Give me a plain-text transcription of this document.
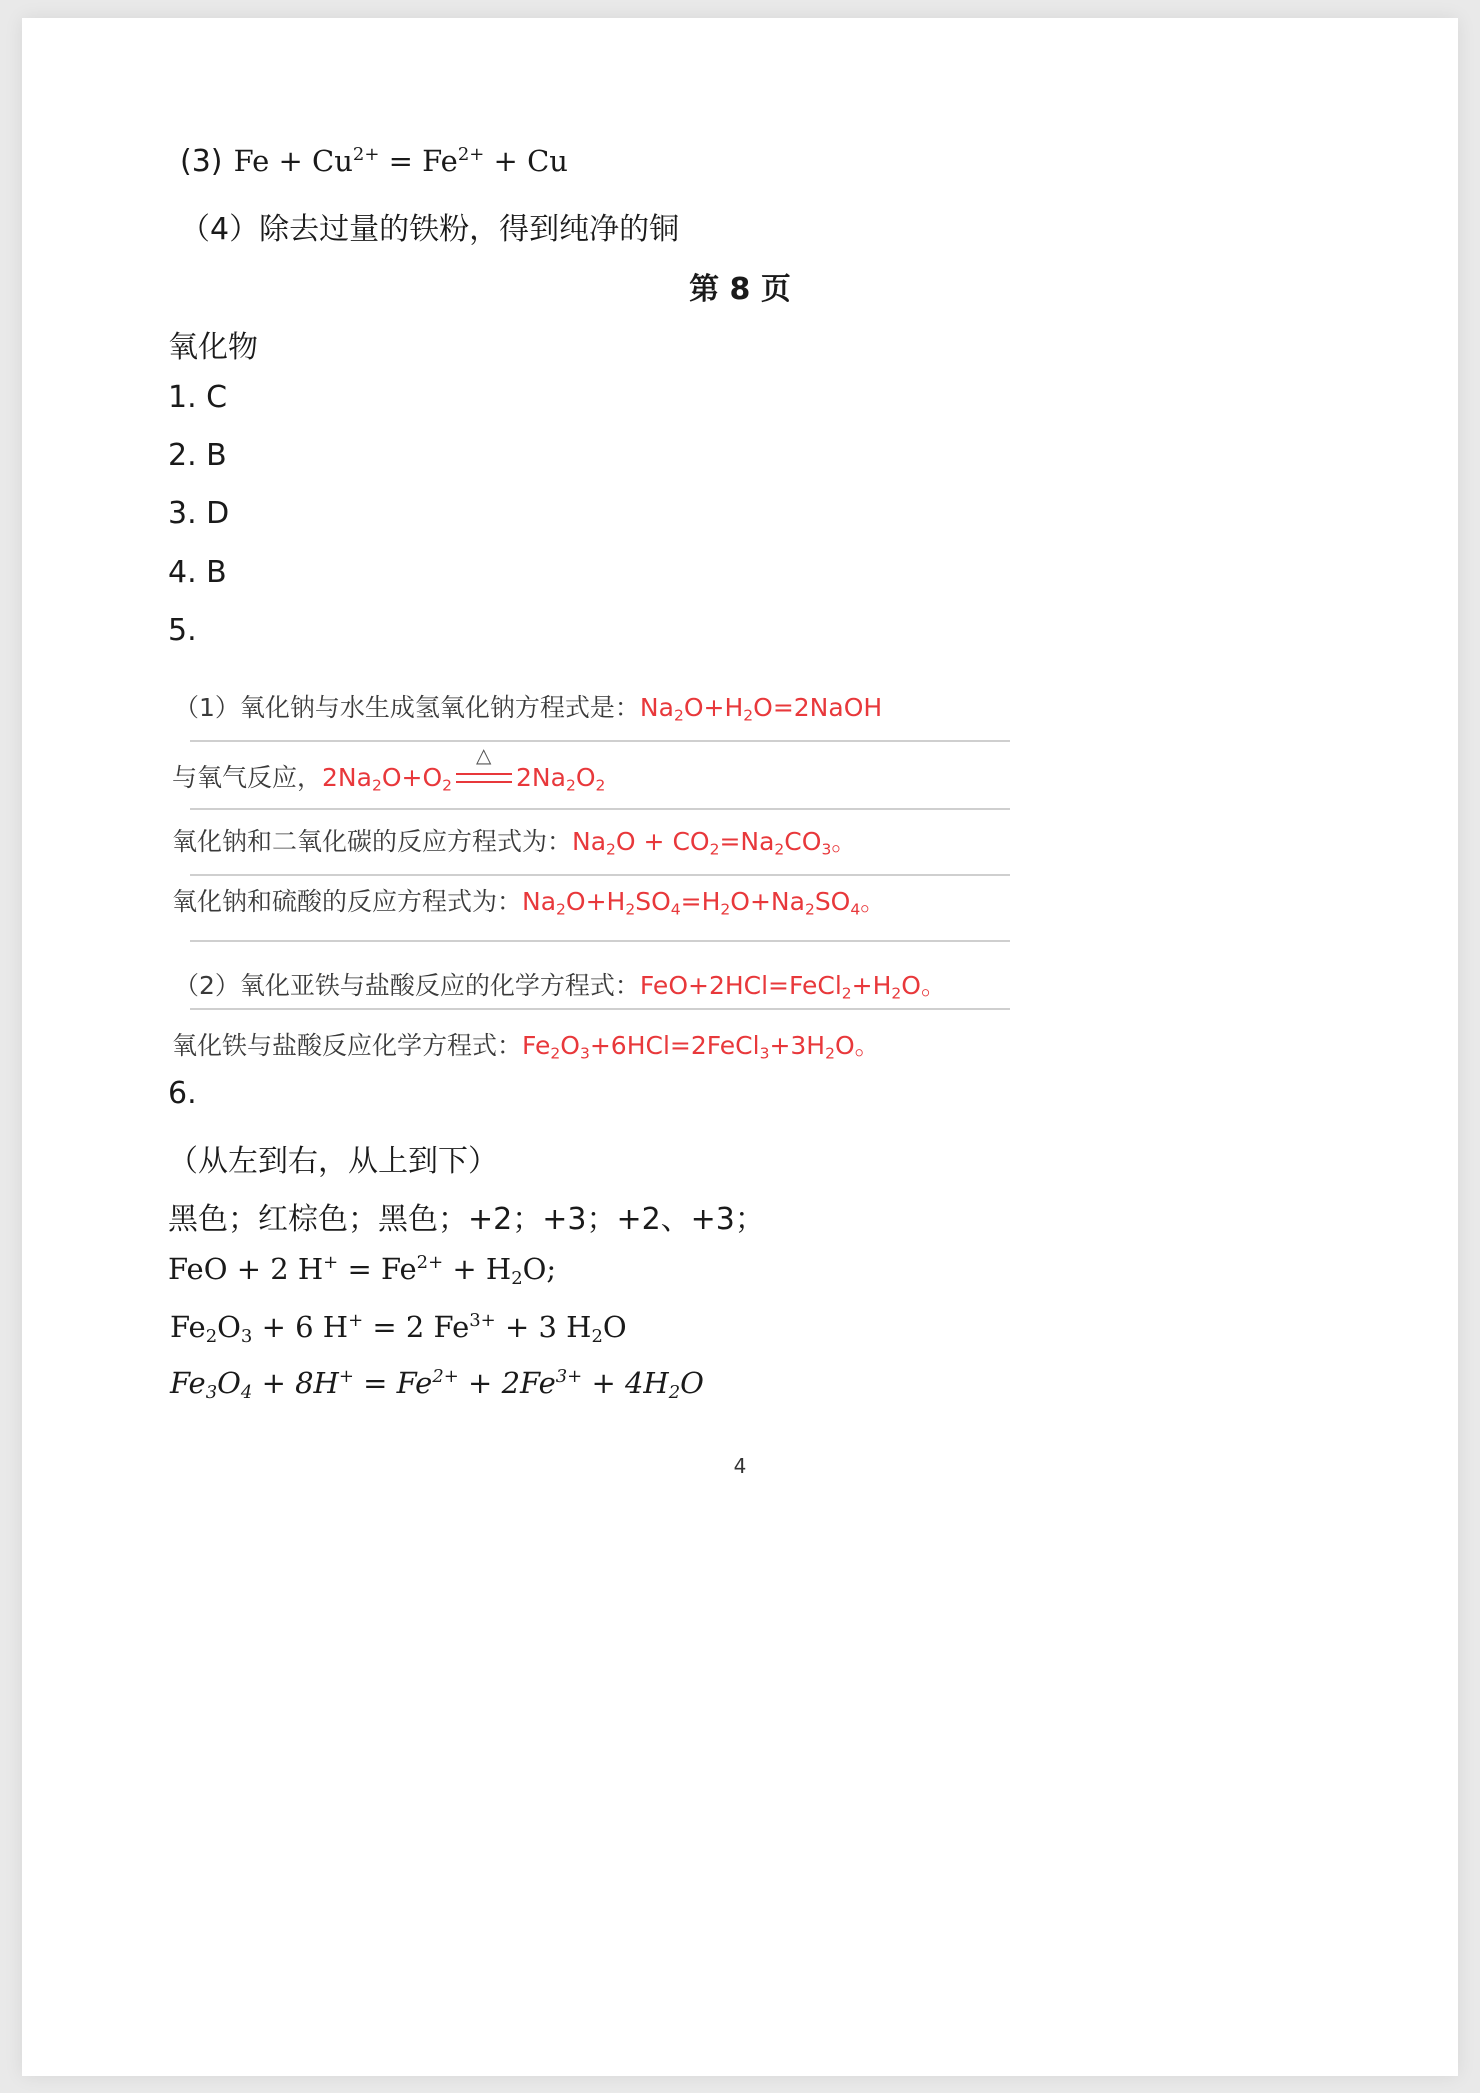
(3) $Fe + Cu^{2+} = Fe^{2+} + Cu$
（4）除去过量的铁粉，得到纯净的铜
第 8 页
氧化物
1. C
2. B
3. D
4. B
5.
（1）氧化钠与水生成氢氧化钠方程式是：$Na_2O+H_2O=2NaOH$
与氧气反应，$2Na_2O+O_2$
△
$2Na_2O_2$
氧化钠和二氧化碳的反应方程式为：$Na_2O + CO_2=Na_2CO_3$。
氧化钠和硫酸的反应方程式为：$Na_2O+H_2SO_4=H_2O+Na_2SO_4$。
（2）氧化亚铁与盐酸反应的化学方程式：$FeO+2HCl=FeCl_2+H_2O$。
氧化铁与盐酸反应化学方程式：$Fe_2O_3+6HCl=2FeCl_3+3H_2O$。
6.
（从左到右，从上到下）
黑色；红棕色；黑色；+2；+3；+2、+3；
FeO + 2 $H^+ = Fe^{2+} + H_2O$;
$Fe_2O_3 + 6$ H+ = 2 $Fe^{3+} + 3$ $H_2O$
$Fe_3O_4 + 8H^+ = Fe^{2+} + 2Fe^{3+} + 4H_2O$
4
